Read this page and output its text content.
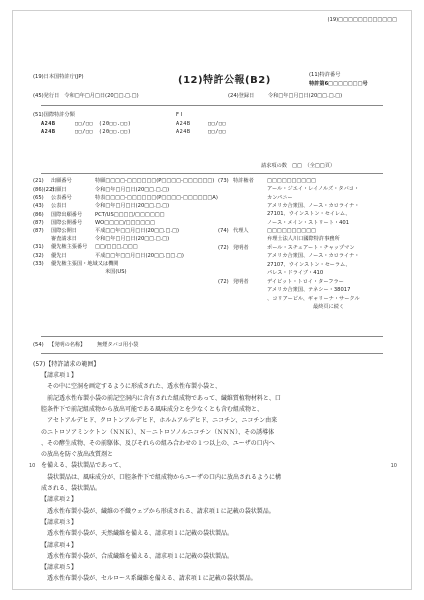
(19)□□□□□□□□□□□□
(19)日本国特許庁(JP)	(12)特許公報(B2)	(11)特許番号
特許第6□□□□□□□号
(45)発行日　令和□年□月□日(20□□.□.□)	(24)登録日	令和□年□月□日(20□□.□.□)
(51)国際特許分類	F I
A24B	□□/□□　(20□□.□□)	A24B	□□/□□
A24B	□□/□□　(20□□.□□)	A24B	□□/□□
請求項の数　□□　（全□□頁）
(21) 出願番号	特願□□□□-□□□□□□(P□□□□-□□□□□□)
(86)(22)
出願日	令和□年□月□日(20□□.□.□)
(65) 公表番号	特表□□□□-□□□□□□(P□□□□-□□□□□□A)
(43) 公表日	令和□年□月□日(20□□.□.□)
(86) 国際出願番号 PCT/US□□□□/□□□□□□
(87) 国際公開番号 WO□□□□/□□□□□□
(87) 国際公開日	平成□□年□□月□日(20□□.□.□)
審査請求日	令和□年□月□日(20□□.□.□)
(31) 優先権主張番号 □□/□□□,□□□
(32) 優先日	平成□□年□□月□日(20□□.□□.□)
(33) 優先権主張国・地域又は機関
米国(US)
(73) 特許権者	□□□□□□□□□□
アール・ジエイ・レイノルズ・タバコ・
カンパニー
アメリカ合衆国、ノース・カロライナ・
27101、ウインストン・セイレム、
ノース・メイン・ストリート・401
(74) 代理人	□□□□□□□□□□
弁理士法人川口國際特許事務所
(72) 発明者	ポール・スチュアート・チャップマン
アメリカ合衆国、ノース・カロライナ・
27107、ウインストン・セーラム、
パレス・ドライブ・410
(72) 発明者	デイビット・トロイ・ターフラー
アメリカ合衆国、テネシー・38017
、コリアービル、ギャリーナ・サークル
最終頁に続く
(54) 【発明の名称】 無煙タバコ用小袋
(57)【特許請求の範囲】
【請求項１】
　その中に空洞を画定するように形成された、透水性布製小袋と、
　前記透水性布製小袋の前記空洞内に含有された組成物であって、繊維質植物材料と、口
腔条件下で前記組成物から放出可能である風味成分とを少なくとも含む組成物と、
　アセトアルデヒド、クロトンアルデヒド、ホルムアルデヒド、ニコチン、ニコチン由来
のニトロソアミンケトン（ＮＮＫ）、Ｎ－ニトロソノルニコチン（ＮＮＮ）、その誘導体
、その酵生成物、その前駆体、及びそれらの組み合わせの１つ以上の、ユーザの口内へ
の放出を防ぐ放出改質剤と
を備える、袋状製品であって、
　袋状製品は、風味成分が、口腔条件下で組成物からユーザの口内に放出されるように構
成される、袋状製品。
【請求項２】
　透水性布製小袋が、繊維の不織ウェブから形成される、請求項１に記載の袋状製品。
【請求項３】
　透水性布製小袋が、天然繊維を備える、請求項１に記載の袋状製品。
【請求項４】
　透水性布製小袋が、合成繊維を備える、請求項１に記載の袋状製品。
【請求項５】
　透水性布製小袋が、セルロース系繊維を備える、請求項１に記載の袋状製品。
10	10
